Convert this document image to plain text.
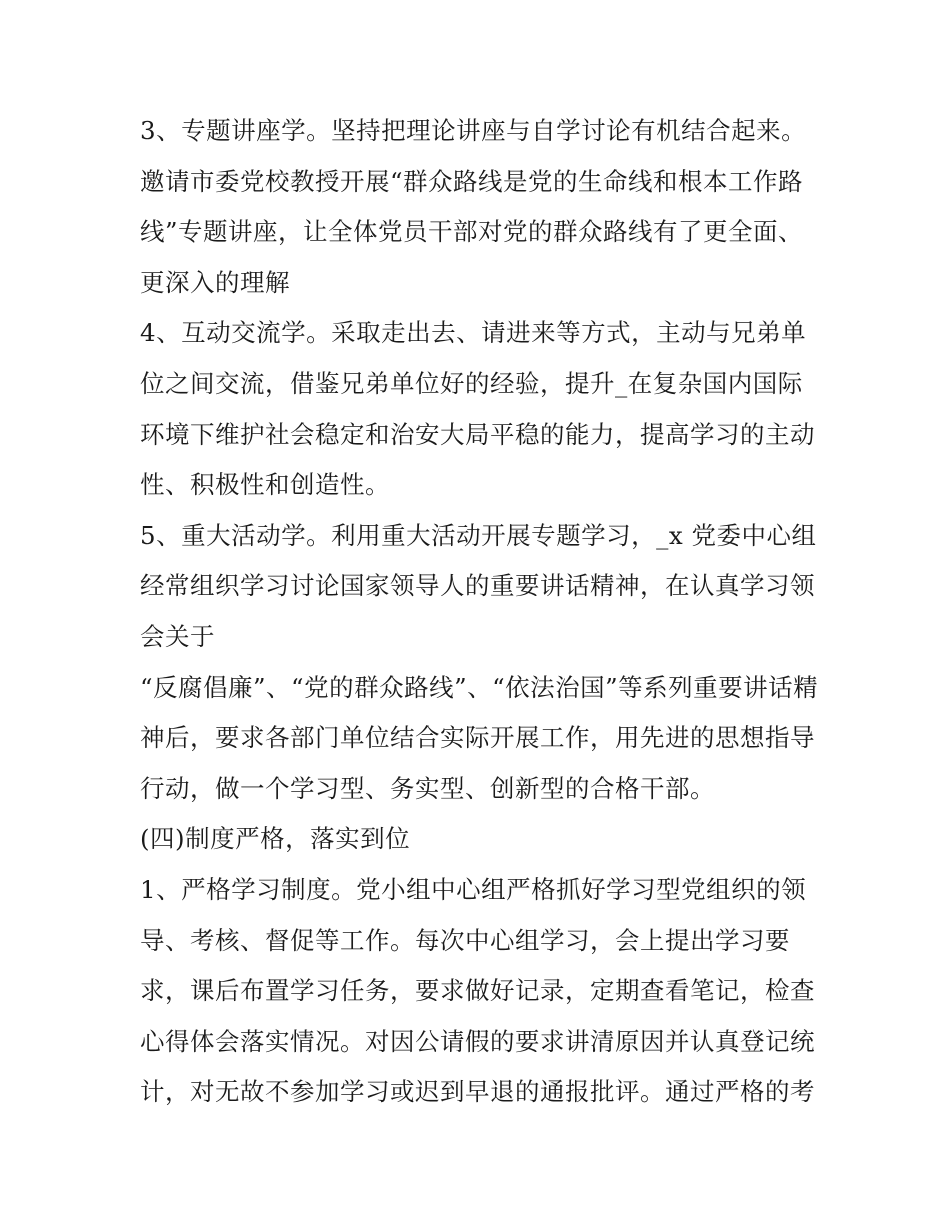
3、专题讲座学。坚持把理论讲座与自学讨论有机结合起来。
邀请市委党校教授开展“群众路线是党的生命线和根本工作路
线”专题讲座，让全体党员干部对党的群众路线有了更全面、
更深入的理解
4、互动交流学。采取走出去、请进来等方式，主动与兄弟单
位之间交流，借鉴兄弟单位好的经验，提升_在复杂国内国际
环境下维护社会稳定和治安大局平稳的能力，提高学习的主动
性、积极性和创造性。
5、重大活动学。利用重大活动开展专题学习，_x 党委中心组
经常组织学习讨论国家领导人的重要讲话精神，在认真学习领
会关于
“反腐倡廉”、“党的群众路线”、“依法治国”等系列重要讲话精
神后，要求各部门单位结合实际开展工作，用先进的思想指导
行动，做一个学习型、务实型、创新型的合格干部。
(四)制度严格，落实到位
1、严格学习制度。党小组中心组严格抓好学习型党组织的领
导、考核、督促等工作。每次中心组学习，会上提出学习要
求，课后布置学习任务，要求做好记录，定期查看笔记，检查
心得体会落实情况。对因公请假的要求讲清原因并认真登记统
计，对无故不参加学习或迟到早退的通报批评。通过严格的考
